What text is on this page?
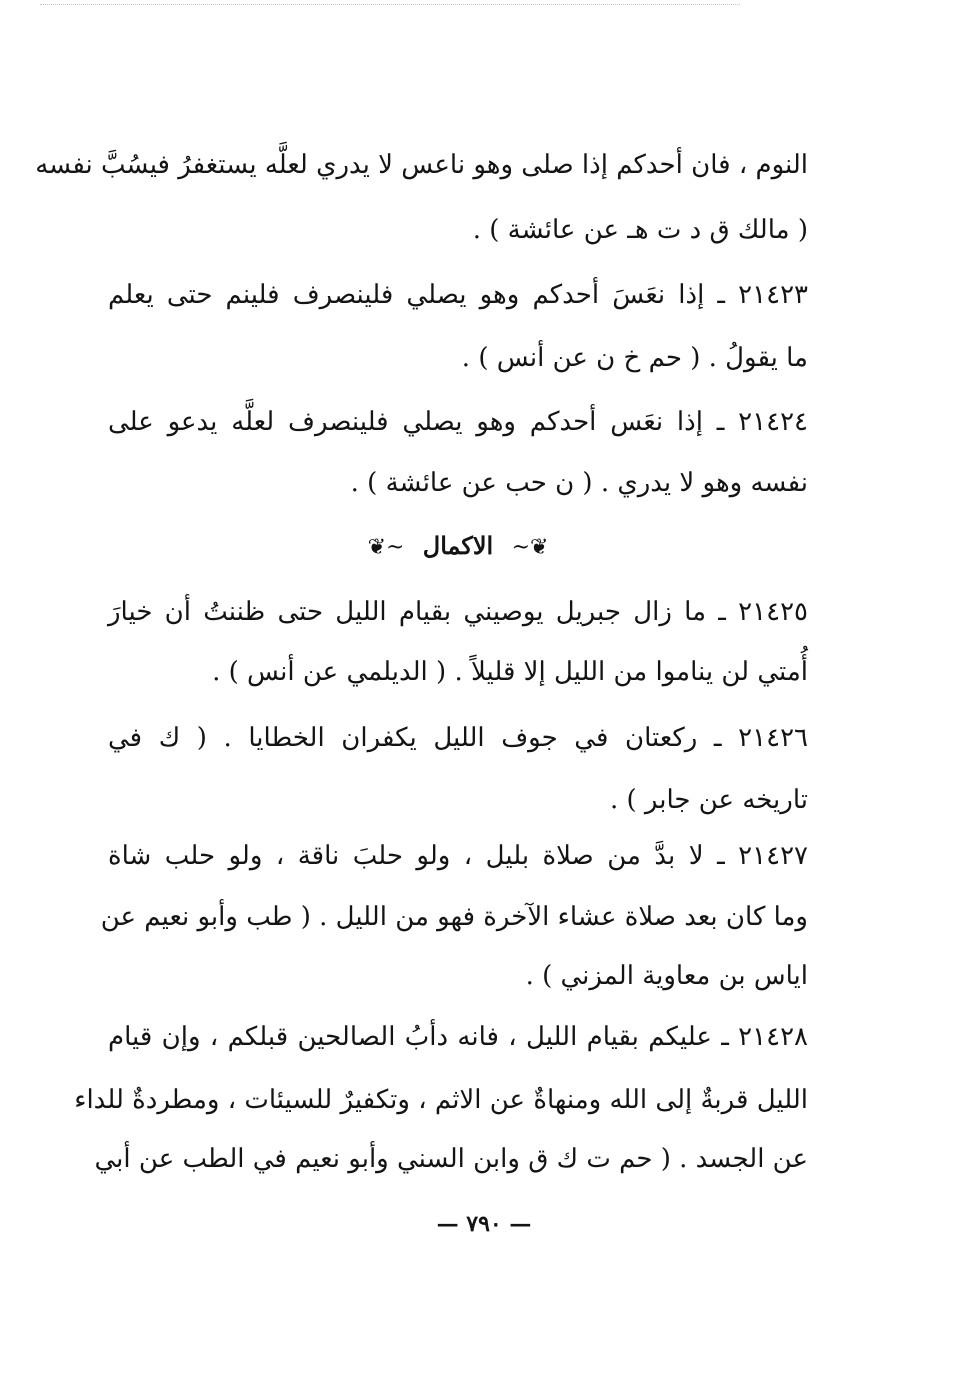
النوم ، فان أحدكم إذا صلى وهو ناعس لا يدري لعلَّه يستغفرُ فيسُبَّ نفسه
( مالك ق د ت هـ عن عائشة ) .
٢١٤٢٣ ـ إذا نعَسَ أحدكم وهو يصلي فلينصرف فلينم حتى يعلم
ما يقولُ . ( حم خ ن عن أنس ) .
٢١٤٢٤ ـ إذا نعَس أحدكم وهو يصلي فلينصرف لعلَّه يدعو على
نفسه وهو لا يدري . ( ن حب عن عائشة ) .
❦~ الاكمال ~❦
٢١٤٢٥ ـ ما زال جبريل يوصيني بقيام الليل حتى ظننتُ أن خيارَ
أُمتي لن يناموا من الليل إلا قليلاً . ( الديلمي عن أنس ) .
٢١٤٢٦ ـ ركعتان في جوف الليل يكفران الخطايا . ( ك في
تاريخه عن جابر ) .
٢١٤٢٧ ـ لا بدَّ من صلاة بليل ، ولو حلبَ ناقة ، ولو حلب شاة
وما كان بعد صلاة عشاء الآخرة فهو من الليل . ( طب وأبو نعيم عن
اياس بن معاوية المزني ) .
٢١٤٢٨ ـ عليكم بقيام الليل ، فانه دأبُ الصالحين قبلكم ، وإن قيام
الليل قربةٌ إلى الله ومنهاةٌ عن الاثم ، وتكفيرٌ للسيئات ، ومطردةٌ للداء
عن الجسد . ( حم ت ك ق وابن السني وأبو نعيم في الطب عن أبي
— ٧٩٠ —
